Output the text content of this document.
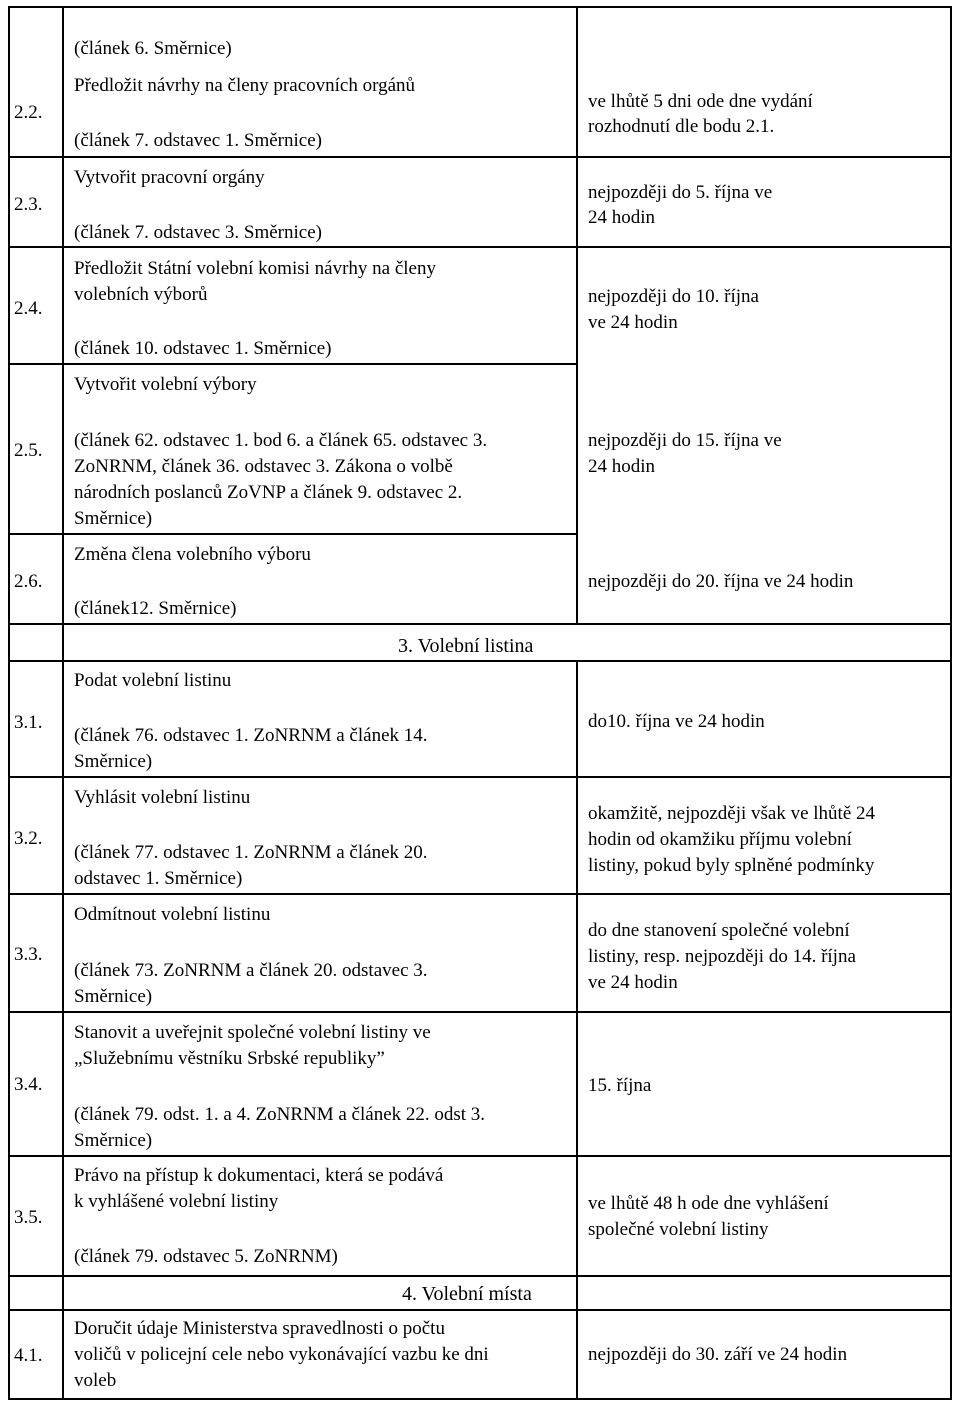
2.2.
(článek 6. Směrnice)
Předložit návrhy na členy pracovních orgánů
(článek 7. odstavec 1. Směrnice)
ve lhůtě 5 dni ode dne vydání
rozhodnutí dle bodu 2.1.
2.3.
Vytvořit pracovní orgány
(článek 7. odstavec 3. Směrnice)
nejpozději do 5. října ve
24 hodin
2.4.
Předložit Státní volební komisi návrhy na členy
volebních výborů
(článek 10. odstavec 1. Směrnice)
nejpozději do 10. října
ve 24 hodin
2.5.
Vytvořit volební výbory
(článek 62. odstavec 1. bod 6. a článek 65. odstavec 3.
ZoNRNM, článek 36. odstavec 3. Zákona o volbě
národních poslanců ZoVNP a článek 9. odstavec 2.
Směrnice)
nejpozději do 15. října ve
24 hodin
2.6.
Změna člena volebního výboru
(článek12. Směrnice)
nejpozději do 20. října ve 24 hodin
3. Volební listina
3.1.
Podat volební listinu
(článek 76. odstavec 1. ZoNRNM a článek 14.
Směrnice)
do10. října ve 24 hodin
3.2.
Vyhlásit volební listinu
(článek 77. odstavec 1. ZoNRNM a článek 20.
odstavec 1. Směrnice)
okamžitě, nejpozději však ve lhůtě 24
hodin od okamžiku příjmu volební
listiny, pokud byly splněné podmínky
3.3.
Odmítnout volební listinu
(článek 73. ZoNRNM a článek 20. odstavec 3.
Směrnice)
do dne stanovení společné volební
listiny, resp. nejpozději do 14. října
ve 24 hodin
3.4.
Stanovit a uveřejnit společné volební listiny ve
„Služebnímu věstníku Srbské republiky”
(článek 79. odst. 1. a 4. ZoNRNM a článek 22. odst 3.
Směrnice)
15. října
3.5.
Právo na přístup k dokumentaci, která se podává
k vyhlášené volební listiny
(článek 79. odstavec 5. ZoNRNM)
ve lhůtě 48 h ode dne vyhlášení
společné volební listiny
4. Volební místa
4.1.
Doručit údaje Ministerstva spravedlnosti o počtu
voličů v policejní cele nebo vykonávající vazbu ke dni
voleb
nejpozději do 30. září ve 24 hodin
